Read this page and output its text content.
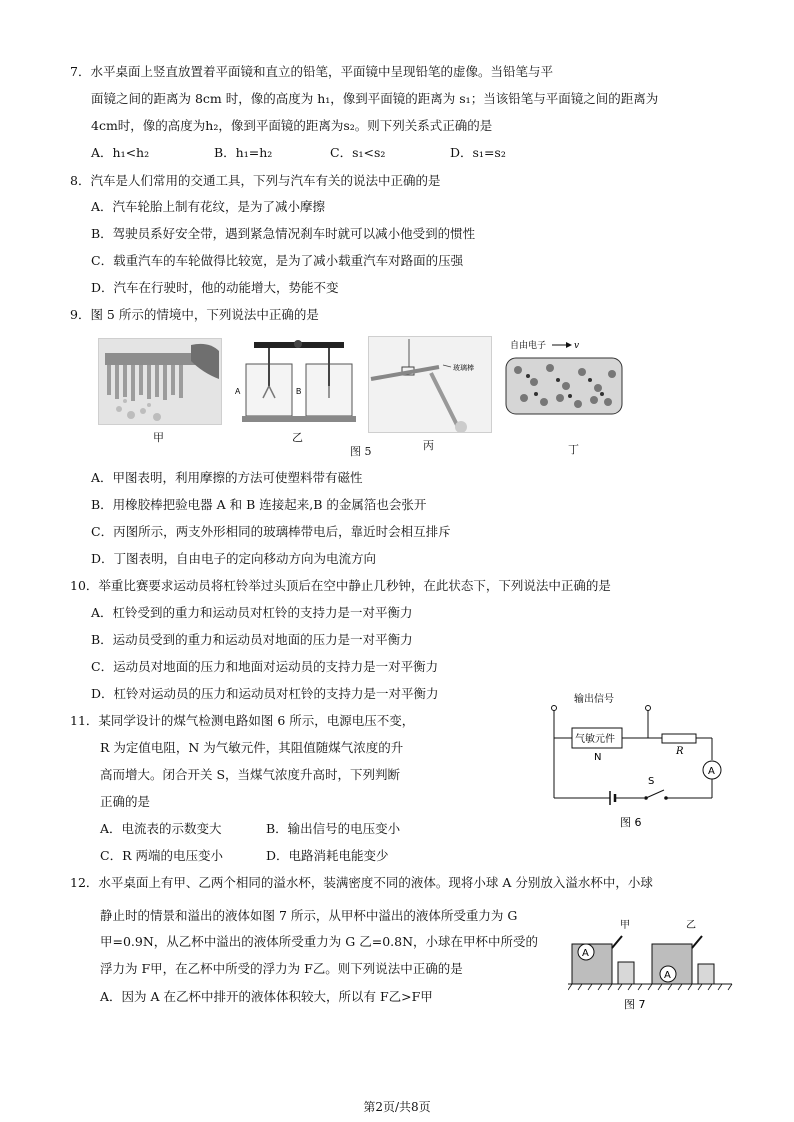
7．水平桌面上竖直放置着平面镜和直立的铅笔，平面镜中呈现铅笔的虚像。当铅笔与平
面镜之间的距离为 8cm 时，像的高度为 h₁，像到平面镜的距离为 s₁；当该铅笔与平面镜之间的距离为
4cm时，像的高度为h₂，像到平面镜的距离为s₂。则下列关系式正确的是
A．h₁<h₂	B．h₁=h₂	C．s₁<s₂	D．s₁=s₂
8．汽车是人们常用的交通工具，下列与汽车有关的说法中正确的是
A．汽车轮胎上制有花纹，是为了减小摩擦
B．驾驶员系好安全带，遇到紧急情况刹车时就可以减小他受到的惯性
C．载重汽车的车轮做得比较宽，是为了减小载重汽车对路面的压强
D．汽车在行驶时，他的动能增大，势能不变
9．图 5 所示的情境中，下列说法中正确的是
甲
A	B
乙
图 5
玻璃棒
丙
自由电子	v
丁
A．甲图表明，利用摩擦的方法可使塑料带有磁性
B．用橡胶棒把验电器 A 和 B 连接起来,B 的金属箔也会张开
C．丙图所示，两支外形相同的玻璃棒带电后，靠近时会相互排斥
D．丁图表明，自由电子的定向移动方向为电流方向
10．举重比赛要求运动员将杠铃举过头顶后在空中静止几秒钟，在此状态下，下列说法中正确的是
A．杠铃受到的重力和运动员对杠铃的支持力是一对平衡力
B．运动员受到的重力和运动员对地面的压力是一对平衡力
C．运动员对地面的压力和地面对运动员的支持力是一对平衡力
D．杠铃对运动员的压力和运动员对杠铃的支持力是一对平衡力
11．某同学设计的煤气检测电路如图 6 所示，电源电压不变，
R 为定值电阻，N 为气敏元件，其阻值随煤气浓度的升
高而增大。闭合开关 S，当煤气浓度升高时，下列判断
正确的是
A．电流表的示数变大	B．输出信号的电压变小
C．R 两端的电压变小	D．电路消耗电能变少
输出信号
气敏元件
N
R
A
S
图 6
12．水平桌面上有甲、乙两个相同的溢水杯，装满密度不同的液体。现将小球 A 分别放入溢水杯中，小球
静止时的情景和溢出的液体如图 7 所示，从甲杯中溢出的液体所受重力为 G
甲=0.9N，从乙杯中溢出的液体所受重力为 G 乙=0.8N，小球在甲杯中所受的
浮力为 F甲，在乙杯中所受的浮力为 F乙。则下列说法中正确的是
A．因为 A 在乙杯中排开的液体体积较大，所以有 F乙>F甲
甲	乙
A
A
图 7
第2页/共8页
